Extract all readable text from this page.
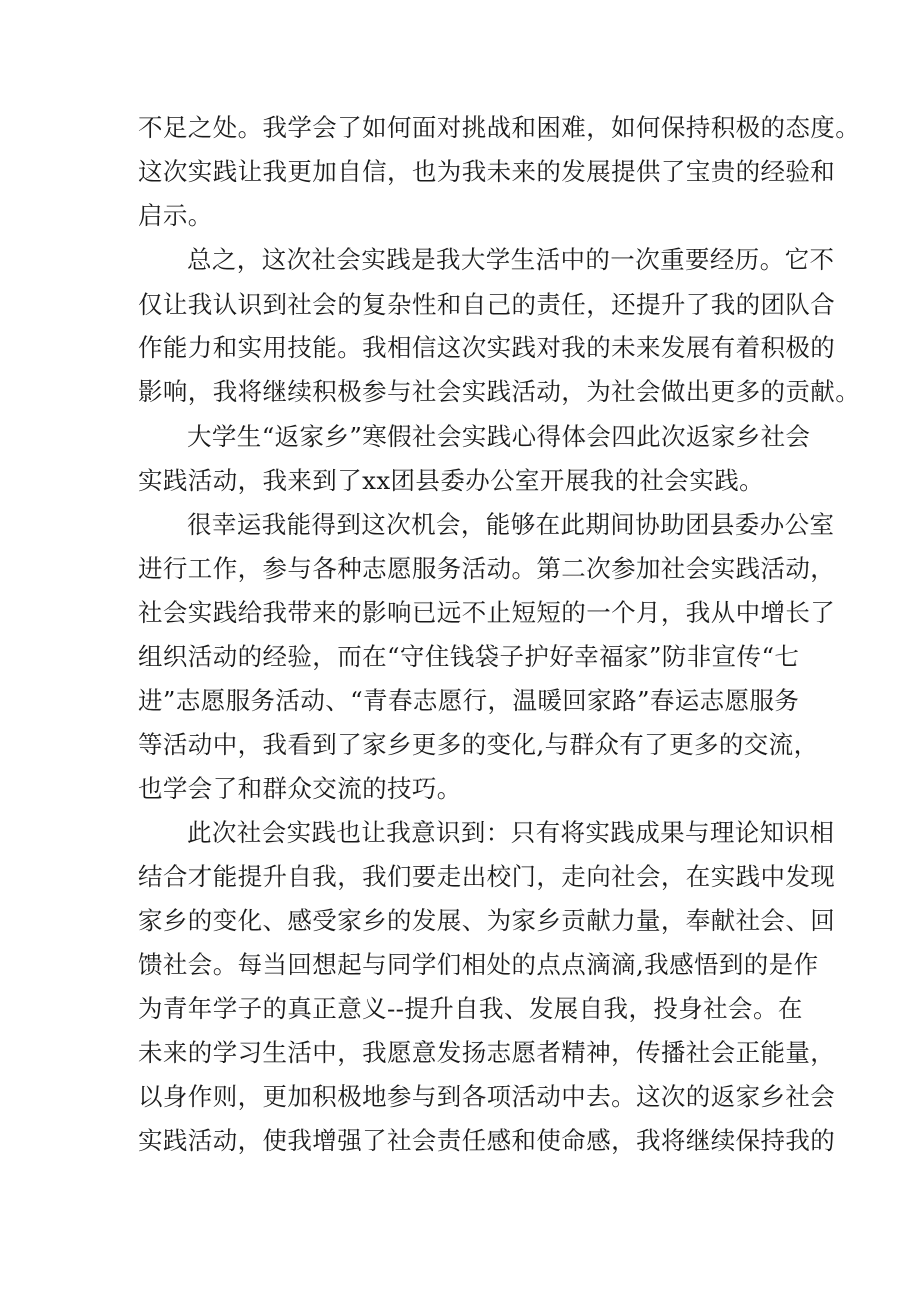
不足之处。我学会了如何面对挑战和困难，如何保持积极的态度。
这次实践让我更加自信，也为我未来的发展提供了宝贵的经验和
启示。
总之，这次社会实践是我大学生活中的一次重要经历。它不
仅让我认识到社会的复杂性和自己的责任，还提升了我的团队合
作能力和实用技能。我相信这次实践对我的未来发展有着积极的
影响，我将继续积极参与社会实践活动，为社会做出更多的贡献。
大学生“返家乡”寒假社会实践心得体会四此次返家乡社会
实践活动，我来到了xx团县委办公室开展我的社会实践。
很幸运我能得到这次机会，能够在此期间协助团县委办公室
进行工作，参与各种志愿服务活动。第二次参加社会实践活动，
社会实践给我带来的影响已远不止短短的一个月，我从中增长了
组织活动的经验，而在“守住钱袋子护好幸福家”防非宣传“七
进”志愿服务活动、“青春志愿行，温暖回家路”春运志愿服务
等活动中，我看到了家乡更多的变化,与群众有了更多的交流，
也学会了和群众交流的技巧。
此次社会实践也让我意识到：只有将实践成果与理论知识相
结合才能提升自我，我们要走出校门，走向社会，在实践中发现
家乡的变化、感受家乡的发展、为家乡贡献力量，奉献社会、回
馈社会。每当回想起与同学们相处的点点滴滴,我感悟到的是作
为青年学子的真正意义--提升自我、发展自我，投身社会。在
未来的学习生活中，我愿意发扬志愿者精神，传播社会正能量，
以身作则，更加积极地参与到各项活动中去。这次的返家乡社会
实践活动，使我增强了社会责任感和使命感，我将继续保持我的
